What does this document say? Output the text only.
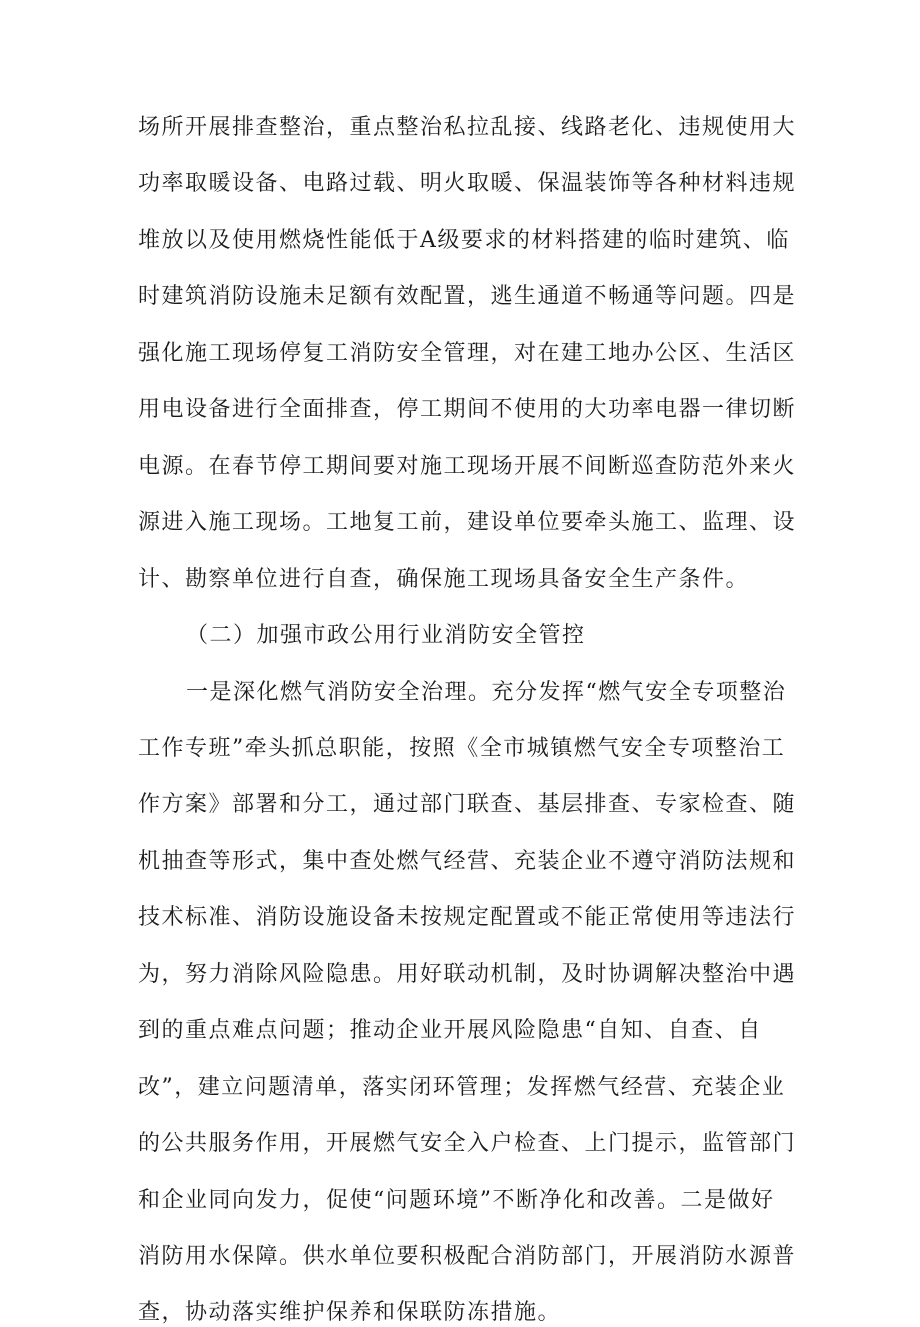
场所开展排查整治，重点整治私拉乱接、线路老化、违规使用大
功率取暖设备、电路过载、明火取暖、保温装饰等各种材料违规
堆放以及使用燃烧性能低于A级要求的材料搭建的临时建筑、临
时建筑消防设施未足额有效配置，逃生通道不畅通等问题。四是
强化施工现场停复工消防安全管理，对在建工地办公区、生活区
用电设备进行全面排查，停工期间不使用的大功率电器一律切断
电源。在春节停工期间要对施工现场开展不间断巡查防范外来火
源进入施工现场。工地复工前，建设单位要牵头施工、监理、设
计、勘察单位进行自查，确保施工现场具备安全生产条件。
（二）加强市政公用行业消防安全管控
一是深化燃气消防安全治理。充分发挥“燃气安全专项整治
工作专班”牵头抓总职能，按照《全市城镇燃气安全专项整治工
作方案》部署和分工，通过部门联查、基层排查、专家检查、随
机抽查等形式，集中查处燃气经营、充装企业不遵守消防法规和
技术标准、消防设施设备未按规定配置或不能正常使用等违法行
为，努力消除风险隐患。用好联动机制，及时协调解决整治中遇
到的重点难点问题；推动企业开展风险隐患“自知、自查、自
改”，建立问题清单，落实闭环管理；发挥燃气经营、充装企业
的公共服务作用，开展燃气安全入户检查、上门提示，监管部门
和企业同向发力，促使“问题环境”不断净化和改善。二是做好
消防用水保障。供水单位要积极配合消防部门，开展消防水源普
查，协动落实维护保养和保联防冻措施。
